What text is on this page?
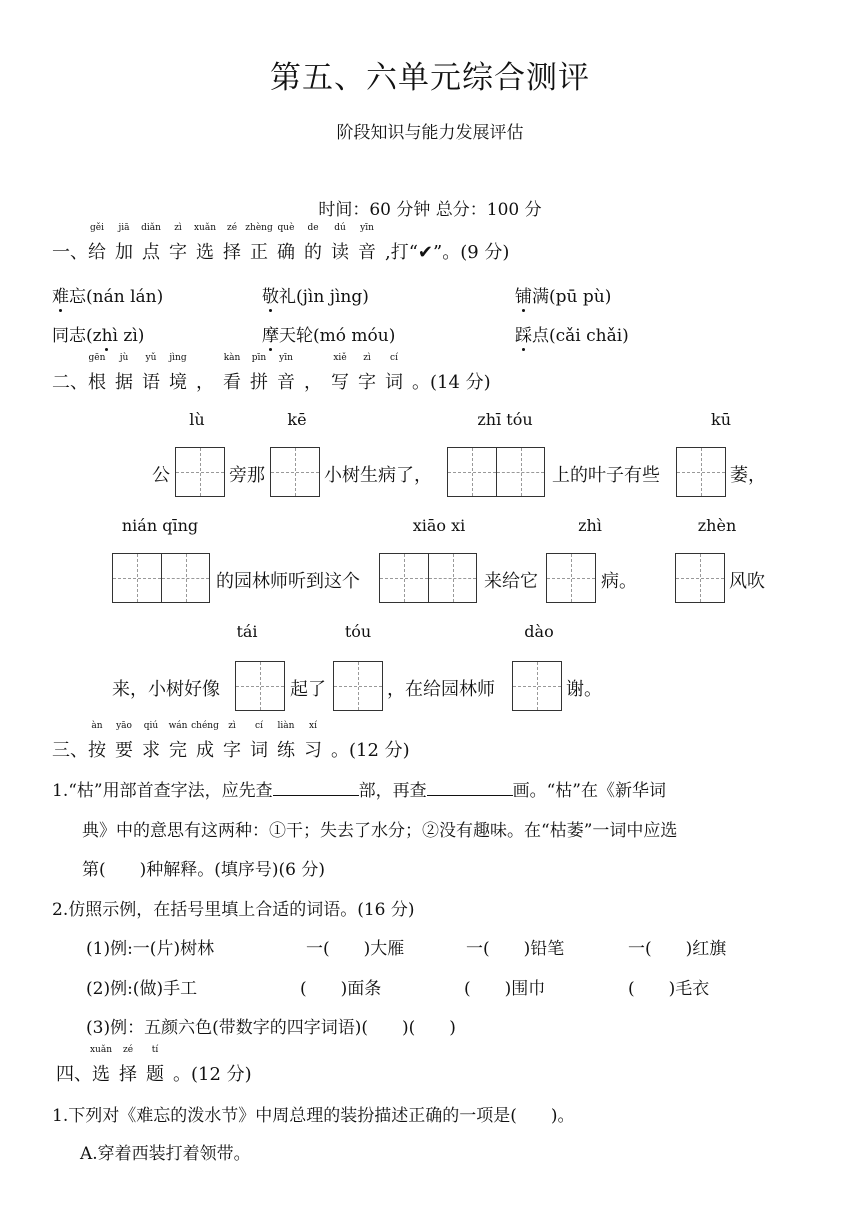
第五、六单元综合测评
阶段知识与能力发展评估
时间：60 分钟 总分：100 分
一、
gěi
给
jiā
加
diǎn
点
zì
字
xuǎn
选
zé
择
zhèng
正
què
确
de
的
dú
读
yīn
音 ,打“✔”。(9 分)
难忘(nán lán)	敬礼(jìn jìng)	铺满(pū pù)
同志(zhì zì)	摩天轮(mó móu)	踩点(cǎi chǎi)
二、
gēn
根
jù
据
yǔ
语
jìng
境 ，
kàn
看
pīn
拼
yīn
音 ，
xiě
写
zì
字
cí
词 。(14 分)
lù	kē	zhī tóu	kū
公	旁那	小树生病了，	上的叶子有些	萎，
nián qīng	xiāo xi	zhì	zhèn
的园林师听到这个	来给它	病。	风吹
tái	tóu	dào
来，小树好像	起了	，在给园林师	谢。
三、
àn
按
yāo
要
qiú
求
wán
完
chéng
成
zì
字
cí
词
liàn
练
xí
习 。(12 分)
1.“枯”用部首查字法，应先查	部，再查	画。“枯”在《新华词
典》中的意思有这两种：①干；失去了水分；②没有趣味。在“枯萎”一词中应选
第(　　)种解释。(填序号)(6 分)
2.仿照示例，在括号里填上合适的词语。(16 分)
(1)例:一(片)树林	一(　　)大雁	一(　　)铅笔	一(　　)红旗
(2)例:(做)手工	(　　)面条	(　　)围巾	(　　)毛衣
(3)例：五颜六色(带数字的四字词语)(　　)(　　)
四、
xuǎn
选
zé
择
tí
题 。(12 分)
1.下列对《难忘的泼水节》中周总理的装扮描述正确的一项是(　　)。
A.穿着西装打着领带。
